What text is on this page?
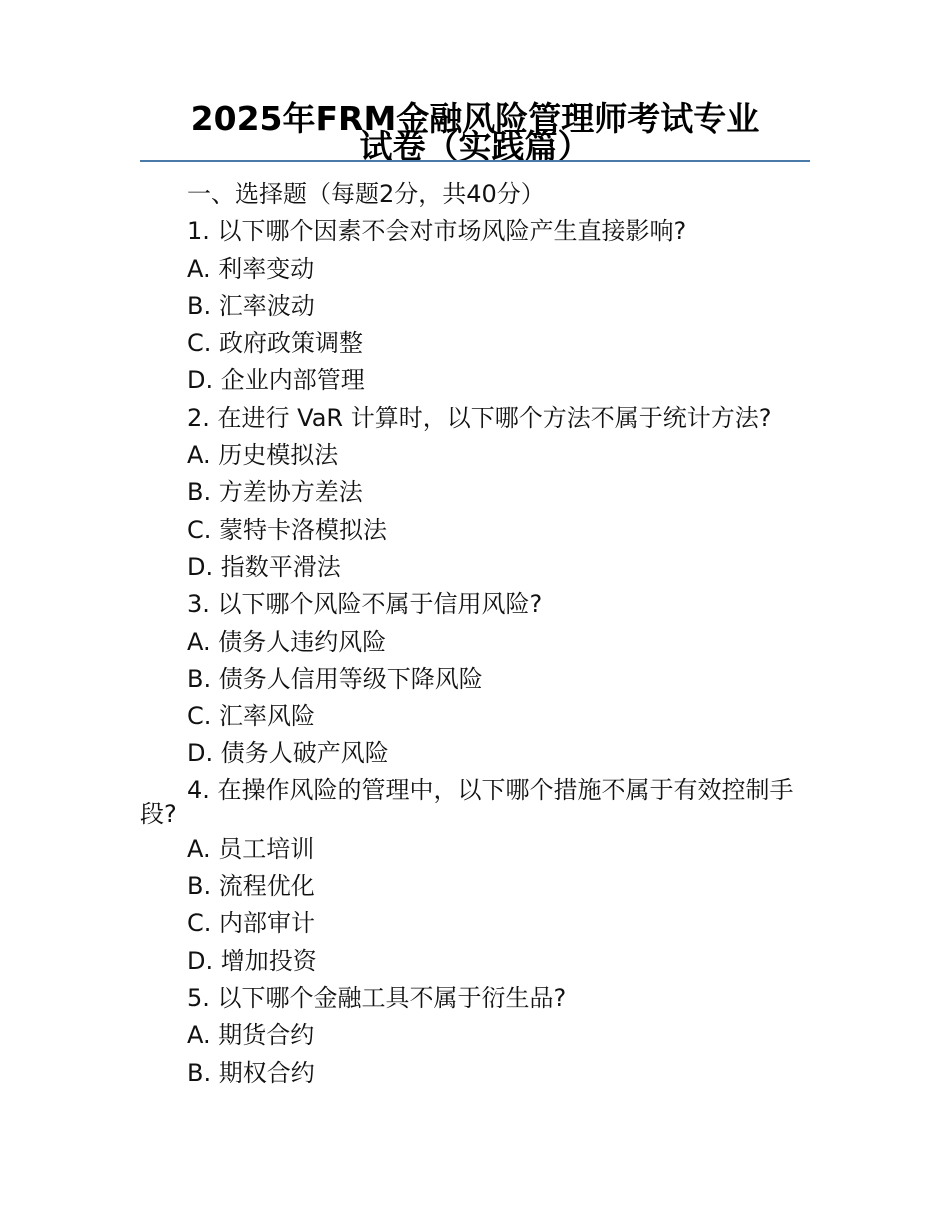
2025年FRM金融风险管理师考试专业
试卷（实践篇）
一、选择题（每题2分，共40分）
1. 以下哪个因素不会对市场风险产生直接影响?
A. 利率变动
B. 汇率波动
C. 政府政策调整
D. 企业内部管理
2. 在进行 VaR 计算时，以下哪个方法不属于统计方法?
A. 历史模拟法
B. 方差协方差法
C. 蒙特卡洛模拟法
D. 指数平滑法
3. 以下哪个风险不属于信用风险?
A. 债务人违约风险
B. 债务人信用等级下降风险
C. 汇率风险
D. 债务人破产风险
4. 在操作风险的管理中，以下哪个措施不属于有效控制手段?
A. 员工培训
B. 流程优化
C. 内部审计
D. 增加投资
5. 以下哪个金融工具不属于衍生品?
A. 期货合约
B. 期权合约
